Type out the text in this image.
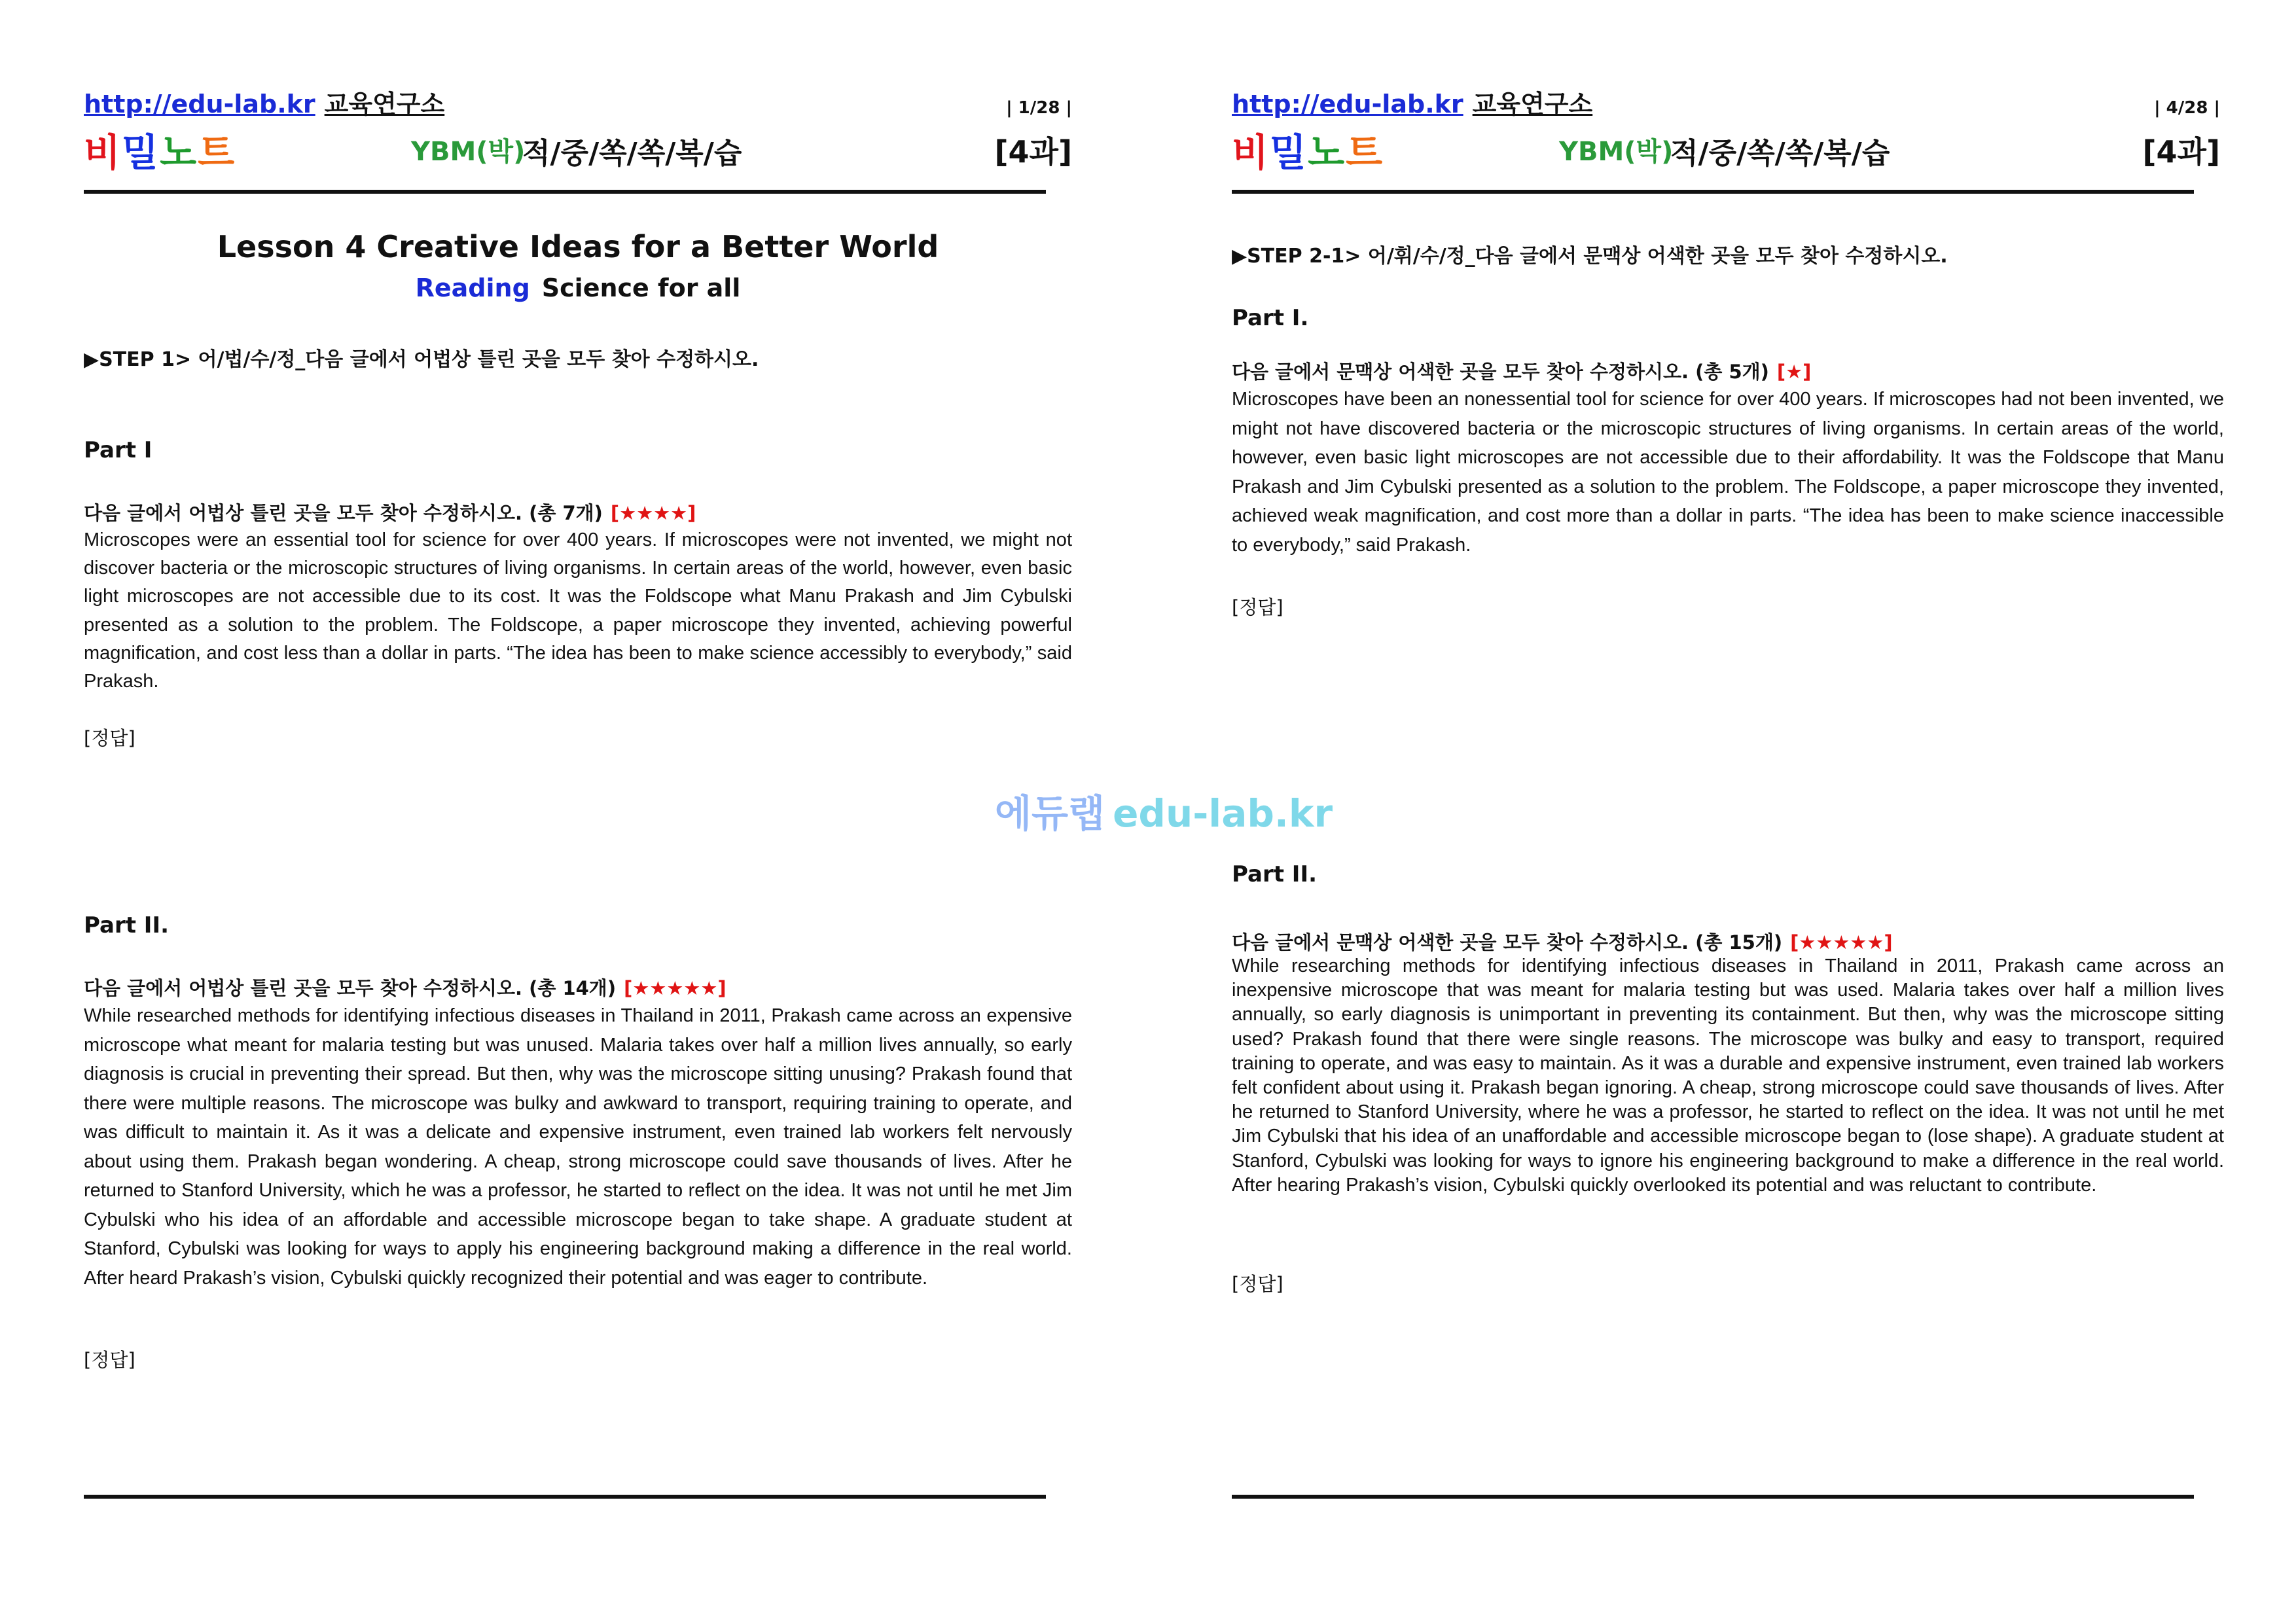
http://edu-lab.kr 교육연구소	| 1/28 |
비밀노트	YBM(박)
적/중/쏙/쏙/복/습	[4과]
Lesson 4 Creative Ideas for a Better World
Reading Science for all
▶STEP 1> 어/법/수/정_다음 글에서 어법상 틀린 곳을 모두 찾아 수정하시오.
Part I
다음 글에서 어법상 틀린 곳을 모두 찾아 수정하시오. (총 7개) [★★★★]
Microscopes were an essential tool for science for over 400 years. If microscopes were not invented, we might not discover bacteria or the microscopic structures of living organisms. In certain areas of the world, however, even basic light microscopes are not accessible due to its cost. It was the Foldscope what Manu Prakash and Jim Cybulski presented as a solution to the problem. The Foldscope, a paper microscope they invented, achieving powerful magnification, and cost less than a dollar in parts. “The idea has been to make science accessibly to everybody,” said Prakash.
[정답]
Part II.
다음 글에서 어법상 틀린 곳을 모두 찾아 수정하시오. (총 14개) [★★★★★]
While researched methods for identifying infectious diseases in Thailand in 2011, Prakash came across an expensive microscope what meant for malaria testing but was unused. Malaria takes over half a million lives annually, so early diagnosis is crucial in preventing their spread. But then, why was the microscope sitting unusing? Prakash found that there were multiple reasons. The microscope was bulky and awkward to transport, requiring training to operate, and was difficult to maintain it. As it was a delicate and expensive instrument, even trained lab workers felt nervously about using them. Prakash began wondering. A cheap, strong microscope could save thousands of lives. After he returned to Stanford University, which he was a professor, he started to reflect on the idea. It was not until he met Jim Cybulski who his idea of an affordable and accessible microscope began to take shape. A graduate student at Stanford, Cybulski was looking for ways to apply his engineering background making a difference in the real world. After heard Prakash’s vision, Cybulski quickly recognized their potential and was eager to contribute.
[정답]
http://edu-lab.kr 교육연구소	| 4/28 |
비밀노트	YBM(박)
적/중/쏙/쏙/복/습	[4과]
▶STEP 2-1> 어/휘/수/정_다음 글에서 문맥상 어색한 곳을 모두 찾아 수정하시오.
Part I.
다음 글에서 문맥상 어색한 곳을 모두 찾아 수정하시오. (총 5개) [★]
Microscopes have been an nonessential tool for science for over 400 years. If microscopes had not been invented, we might not have discovered bacteria or the microscopic structures of living organisms. In certain areas of the world, however, even basic light microscopes are not accessible due to their affordability. It was the Foldscope that Manu Prakash and Jim Cybulski presented as a solution to the problem. The Foldscope, a paper microscope they invented, achieved weak magnification, and cost more than a dollar in parts. “The idea has been to make science inaccessible to everybody,” said Prakash.
[정답]
Part II.
다음 글에서 문맥상 어색한 곳을 모두 찾아 수정하시오. (총 15개) [★★★★★]
While researching methods for identifying infectious diseases in Thailand in 2011, Prakash came across an inexpensive microscope that was meant for malaria testing but was used. Malaria takes over half a million lives annually, so early diagnosis is unimportant in preventing its containment. But then, why was the microscope sitting used? Prakash found that there were single reasons. The microscope was bulky and easy to transport, required training to operate, and was easy to maintain. As it was a durable and expensive instrument, even trained lab workers felt confident about using it. Prakash began ignoring. A cheap, strong microscope could save thousands of lives. After he returned to Stanford University, where he was a professor, he started to reflect on the idea. It was not until he met Jim Cybulski that his idea of an unaffordable and accessible microscope began to (lose shape). A graduate student at Stanford, Cybulski was looking for ways to ignore his engineering background to make a difference in the real world. After hearing Prakash’s vision, Cybulski quickly overlooked its potential and was reluctant to contribute.
[정답]
에듀랩 edu-lab.kr
